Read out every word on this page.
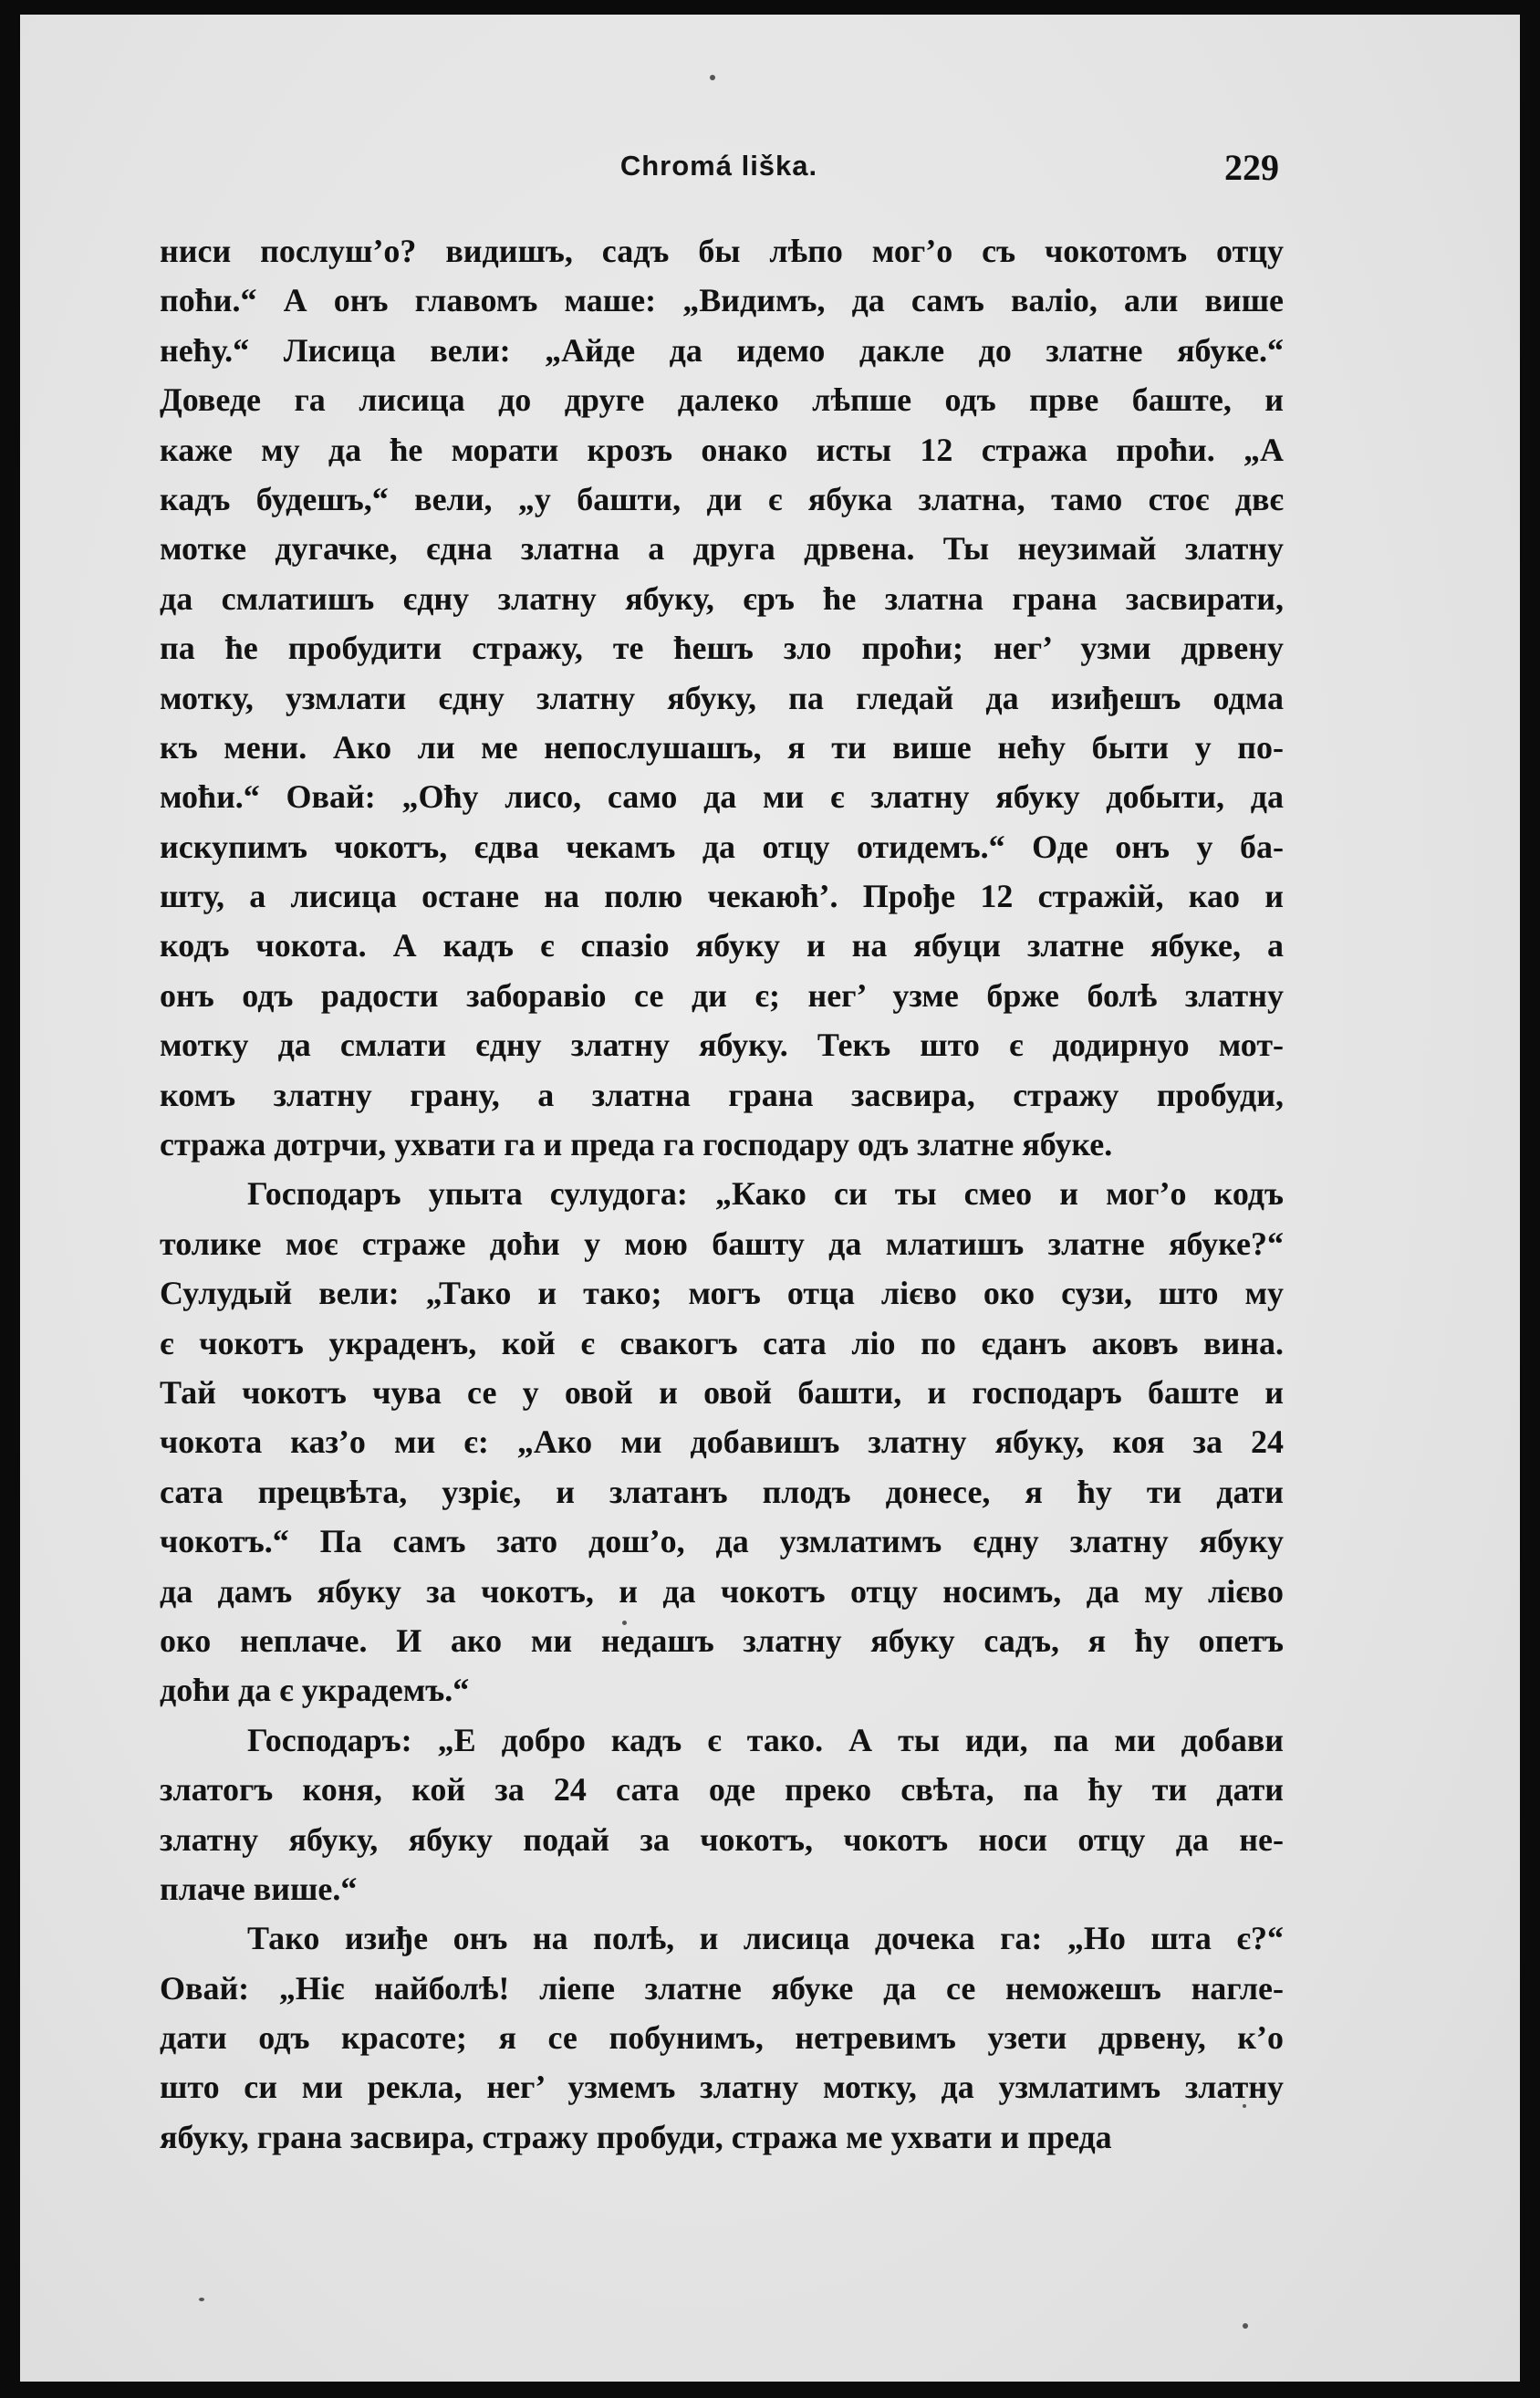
Chromá liška.	229
ниси послуш’о? видишъ, садъ бы лѣпо мог’о съ чокотомъ отцу
поћи.“ А онъ главомъ маше: „Видимъ, да самъ валіо, али више
нећу.“ Лисица вели: „Айде да идемо дакле до златне ябуке.“
Доведе га лисица до друге далеко лѣпше одъ прве баште, и
каже му да ће морати крозъ онако исты 12 стража проћи. „А
кадъ будешъ,“ вели, „у башти, ди є ябука златна, тамо стоє двє
мотке дугачке, єдна златна а друга дрвена. Ты неузимай златну
да смлатишъ єдну златну ябуку, єръ ће златна грана засвирати,
па ће пробудити стражу, те ћешъ зло проћи; нег’ узми дрвену
мотку, узмлати єдну златну ябуку, па гледай да изиђешъ одма
къ мени. Ако ли ме непослушашъ, я ти више нећу быти у по-
моћи.“ Овай: „Оћу лисо, само да ми є златну ябуку добыти, да
искупимъ чокотъ, єдва чекамъ да отцу отидемъ.“ Оде онъ у ба-
шту, а лисица остане на полю чекаюћ’. Прође 12 стражій, као и
кодъ чокота. А кадъ є спазіо ябуку и на ябуци златне ябуке, а
онъ одъ радости заборавіо се ди є; нег’ узме брже болѣ златну
мотку да смлати єдну златну ябуку. Текъ што є додирнуо мот-
комъ златну грану, а златна грана засвира, стражу пробуди,
стража дотрчи, ухвати га и преда га господару одъ златне ябуке.
Господаръ упыта сулудога: „Како си ты смео и мог’о кодъ
толике моє страже доћи у мою башту да млатишъ златне ябуке?“
Сулудый вели: „Тако и тако; могъ отца лієво око сузи, што му
є чокотъ украденъ, кой є свакогъ сата ліо по єданъ аковъ вина.
Тай чокотъ чува се у овой и овой башти, и господаръ баште и
чокота каз’о ми є: „Ако ми добавишъ златну ябуку, коя за 24
сата прецвѣта, узріє, и златанъ плодъ донесе, я ћу ти дати
чокотъ.“ Па самъ зато дош’о, да узмлатимъ єдну златну ябуку
да дамъ ябуку за чокотъ, и да чокотъ отцу носимъ, да му лієво
око неплаче. И ако ми недашъ златну ябуку садъ, я ћу опетъ
доћи да є украдемъ.“
Господаръ: „Е добро кадъ є тако. А ты иди, па ми добави
златогъ коня, кой за 24 сата оде преко свѣта, па ћу ти дати
златну ябуку, ябуку подай за чокотъ, чокотъ носи отцу да не-
плаче више.“
Тако изиђе онъ на полѣ, и лисица дочека га: „Но шта є?“
Овай: „Ніє найболѣ! ліепе златне ябуке да се неможешъ нагле-
дати одъ красоте; я се побунимъ, нетревимъ узети дрвену, к’о
што си ми рекла, нег’ узмемъ златну мотку, да узмлатимъ златну
ябуку, грана засвира, стражу пробуди, стража ме ухвати и преда
